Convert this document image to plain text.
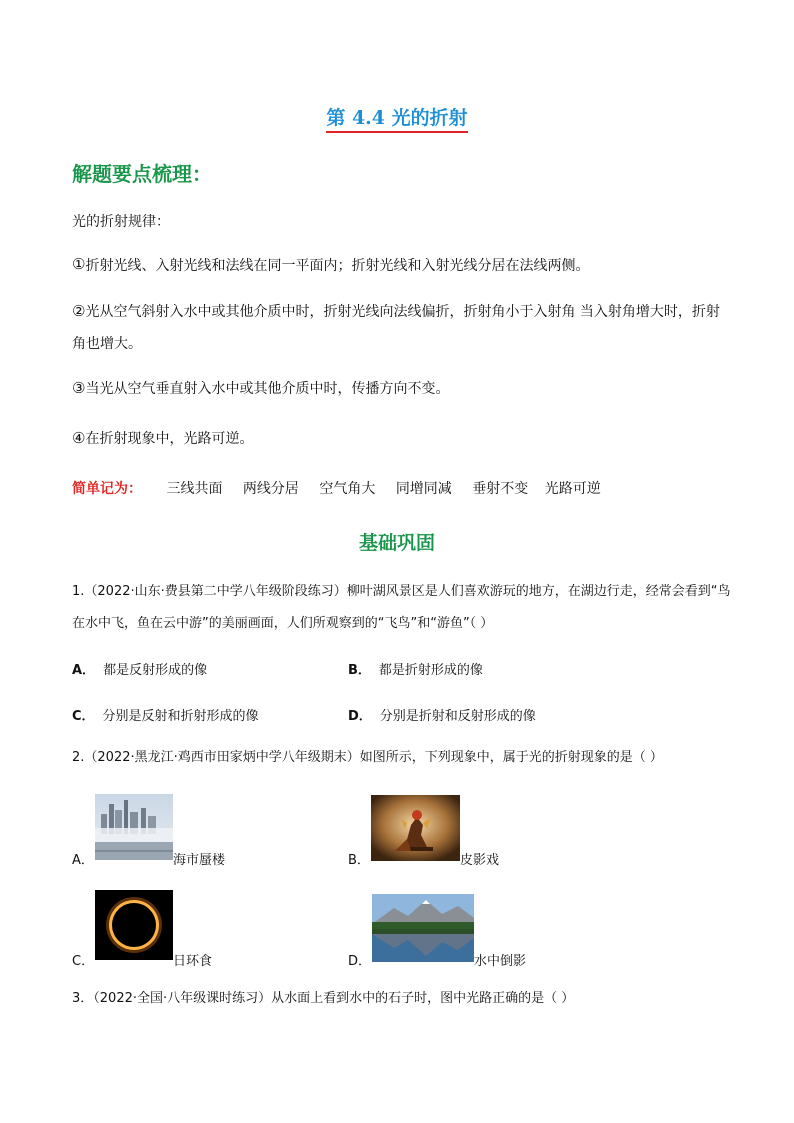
第 4.4 光的折射
解题要点梳理：
光的折射规律：
①折射光线、入射光线和法线在同一平面内；折射光线和入射光线分居在法线两侧。
②光从空气斜射入水中或其他介质中时，折射光线向法线偏折，折射角小于入射角 当入射角增大时，折射角也增大。
③当光从空气垂直射入水中或其他介质中时，传播方向不变。
④在折射现象中，光路可逆。
简单记为： 三线共面 两线分居 空气角大 同增同减 垂射不变 光路可逆
基础巩固
1.（2022·山东·费县第二中学八年级阶段练习）柳叶湖风景区是人们喜欢游玩的地方，在湖边行走，经常会看到“鸟在水中飞，鱼在云中游”的美丽画面，人们所观察到的“飞鸟”和“游鱼”（ ）
A． 都是反射形成的像	B． 都是折射形成的像
C． 分别是反射和折射形成的像	D． 分别是折射和反射形成的像
2.（2022·黑龙江·鸡西市田家炳中学八年级期末）如图所示，下列现象中，属于光的折射现象的是（ ）
A．	海市蜃楼	B．	皮影戏
C．	日环食	D．	水中倒影
3．（2022·全国·八年级课时练习）从水面上看到水中的石子时，图中光路正确的是（ ）
